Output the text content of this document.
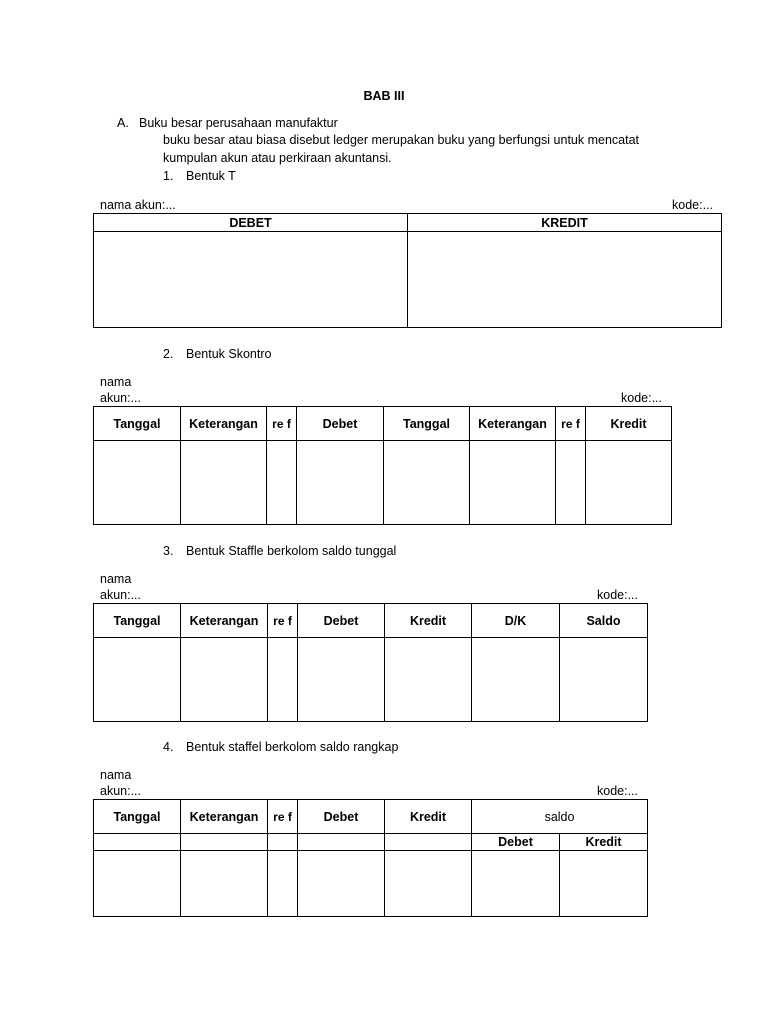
BAB III
A. Buku besar perusahaan manufaktur
buku besar atau biasa disebut ledger merupakan buku yang berfungsi untuk mencatat
kumpulan akun atau perkiraan akuntansi.
1. Bentuk T
nama akun:...	kode:...
DEBET	KREDIT

2. Bentuk Skontro
nama
akun:...	kode:...
Tanggal	Keterangan	re f	Debet	Tanggal	Keterangan	re f	Kredit

3. Bentuk Staffle berkolom saldo tunggal
nama
akun:...	kode:...
Tanggal	Keterangan	re f	Debet	Kredit	D/K	Saldo

4. Bentuk staffel berkolom saldo rangkap
nama
akun:...	kode:...
Tanggal	Keterangan	re f	Debet	Kredit	saldo	
					Debet	Kredit
